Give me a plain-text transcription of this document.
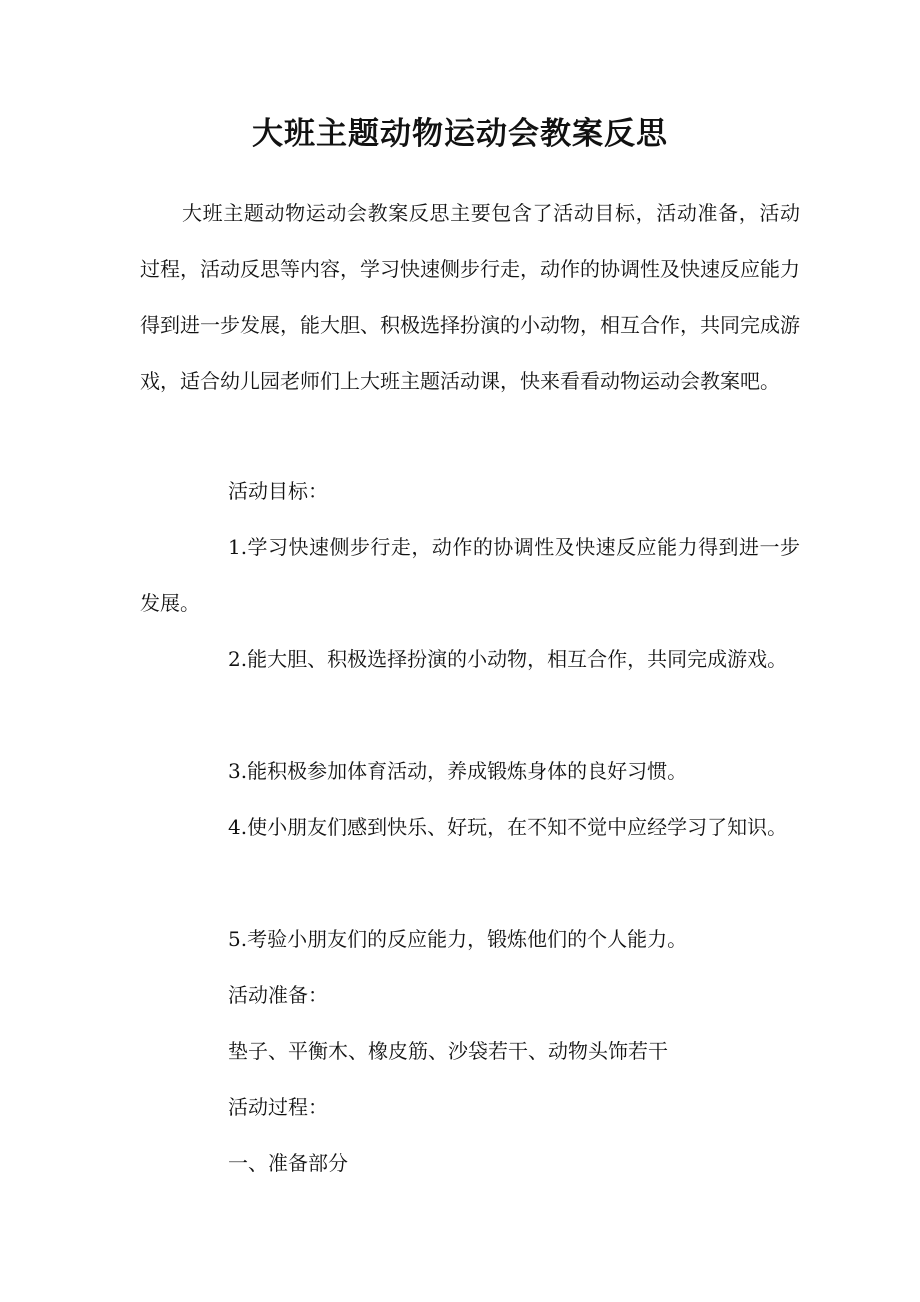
大班主题动物运动会教案反思

大班主题动物运动会教案反思主要包含了活动目标，活动准备，活动过程，活动反思等内容，学习快速侧步行走，动作的协调性及快速反应能力得到进一步发展，能大胆、积极选择扮演的小动物，相互合作，共同完成游戏，适合幼儿园老师们上大班主题活动课，快来看看动物运动会教案吧。

活动目标：

1.学习快速侧步行走，动作的协调性及快速反应能力得到进一步发展。

2.能大胆、积极选择扮演的小动物，相互合作，共同完成游戏。

3.能积极参加体育活动，养成锻炼身体的良好习惯。

4.使小朋友们感到快乐、好玩，在不知不觉中应经学习了知识。

5.考验小朋友们的反应能力，锻炼他们的个人能力。

活动准备：

垫子、平衡木、橡皮筋、沙袋若干、动物头饰若干

活动过程：

一、准备部分
